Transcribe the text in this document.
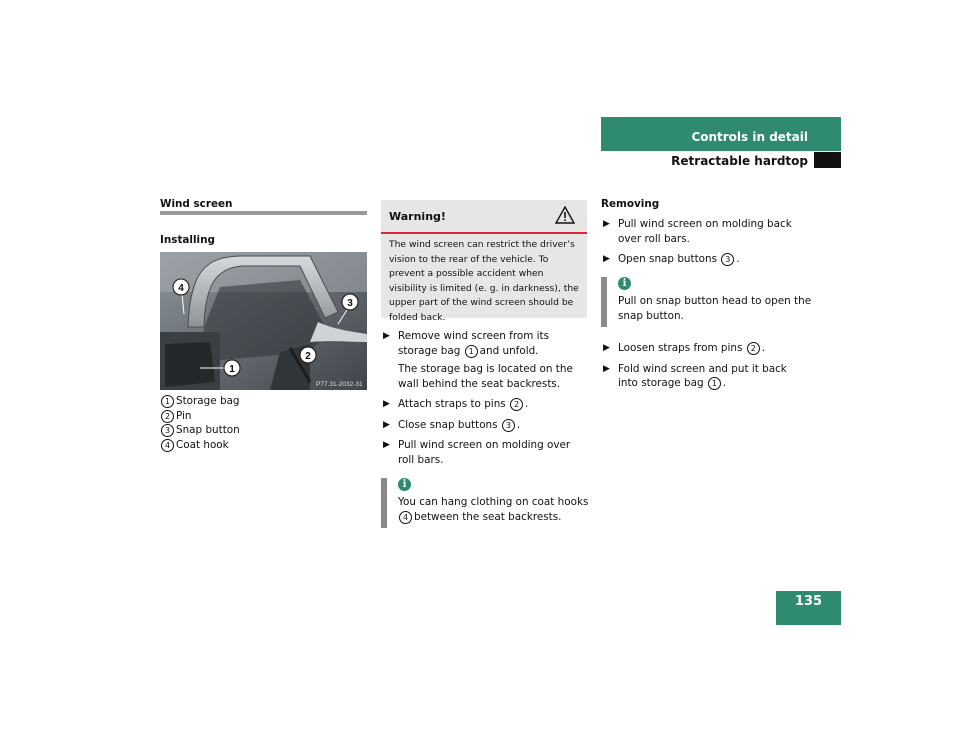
Controls in detail
Retractable hardtop
Wind screen
Installing
4
3
2
1
P77.31-2032-31
1 Storage bag
2 Pin
3 Snap button
4 Coat hook
Warning!
The wind screen can restrict the driver’s vision to the rear of the vehicle. To prevent a possible accident when visibility is limited (e. g. in darkness), the upper part of the wind screen should be folded back.
▶ Remove wind screen from its storage bag 1 and unfold.
The storage bag is located on the wall behind the seat backrests.
▶ Attach straps to pins 2 .
▶ Close snap buttons 3 .
▶ Pull wind screen on molding over roll bars.
i
You can hang clothing on coat hooks 4 between the seat backrests.
Removing
▶ Pull wind screen on molding back over roll bars.
▶ Open snap buttons 3 .
i
Pull on snap button head to open the snap button.
▶ Loosen straps from pins 2 .
▶ Fold wind screen and put it back into storage bag 1 .
135
